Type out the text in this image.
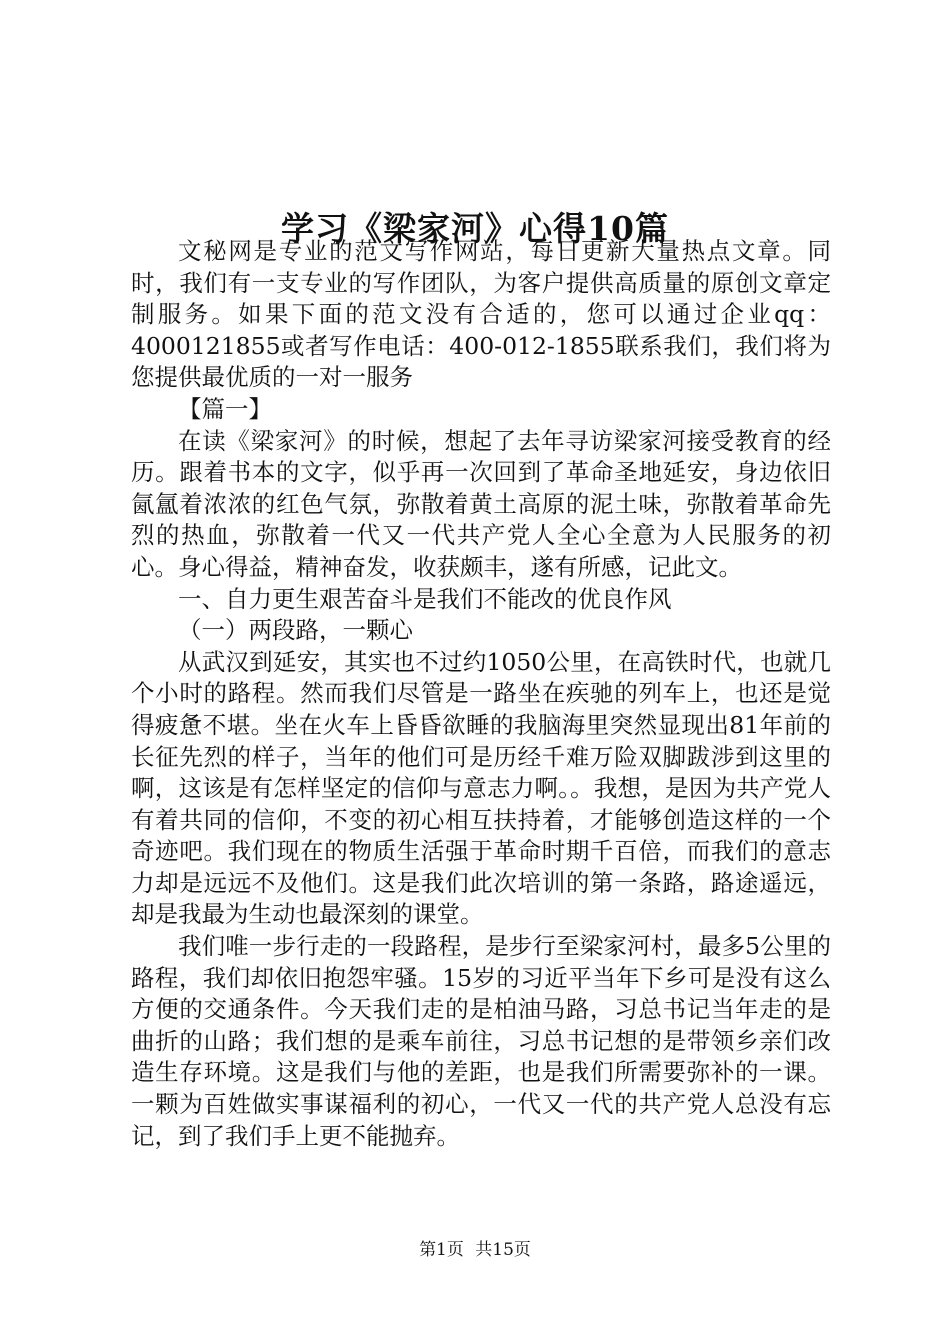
学习《梁家河》心得10篇

文秘网是专业的范文写作网站，每日更新大量热点文章。同时，我们有一支专业的写作团队，为客户提供高质量的原创文章定制服务。如果下面的范文没有合适的，您可以通过企业qq：4000121855或者写作电话：400-012-1855联系我们，我们将为您提供最优质的一对一服务

【篇一】

在读《梁家河》的时候，想起了去年寻访梁家河接受教育的经历。跟着书本的文字，似乎再一次回到了革命圣地延安，身边依旧氤氲着浓浓的红色气氛，弥散着黄土高原的泥土味，弥散着革命先烈的热血，弥散着一代又一代共产党人全心全意为人民服务的初心。身心得益，精神奋发，收获颇丰，遂有所感，记此文。

一、自力更生艰苦奋斗是我们不能改的优良作风

（一）两段路，一颗心

从武汉到延安，其实也不过约1050公里，在高铁时代，也就几个小时的路程。然而我们尽管是一路坐在疾驰的列车上，也还是觉得疲惫不堪。坐在火车上昏昏欲睡的我脑海里突然显现出81年前的长征先烈的样子，当年的他们可是历经千难万险双脚跋涉到这里的啊，这该是有怎样坚定的信仰与意志力啊。。我想，是因为共产党人有着共同的信仰，不变的初心相互扶持着，才能够创造这样的一个奇迹吧。我们现在的物质生活强于革命时期千百倍，而我们的意志力却是远远不及他们。这是我们此次培训的第一条路，路途遥远，却是我最为生动也最深刻的课堂。

我们唯一步行走的一段路程，是步行至梁家河村，最多5公里的路程，我们却依旧抱怨牢骚。15岁的习近平当年下乡可是没有这么方便的交通条件。今天我们走的是柏油马路，习总书记当年走的是曲折的山路；我们想的是乘车前往，习总书记想的是带领乡亲们改造生存环境。这是我们与他的差距，也是我们所需要弥补的一课。一颗为百姓做实事谋福利的初心，一代又一代的共产党人总没有忘记，到了我们手上更不能抛弃。

第1页 共15页
